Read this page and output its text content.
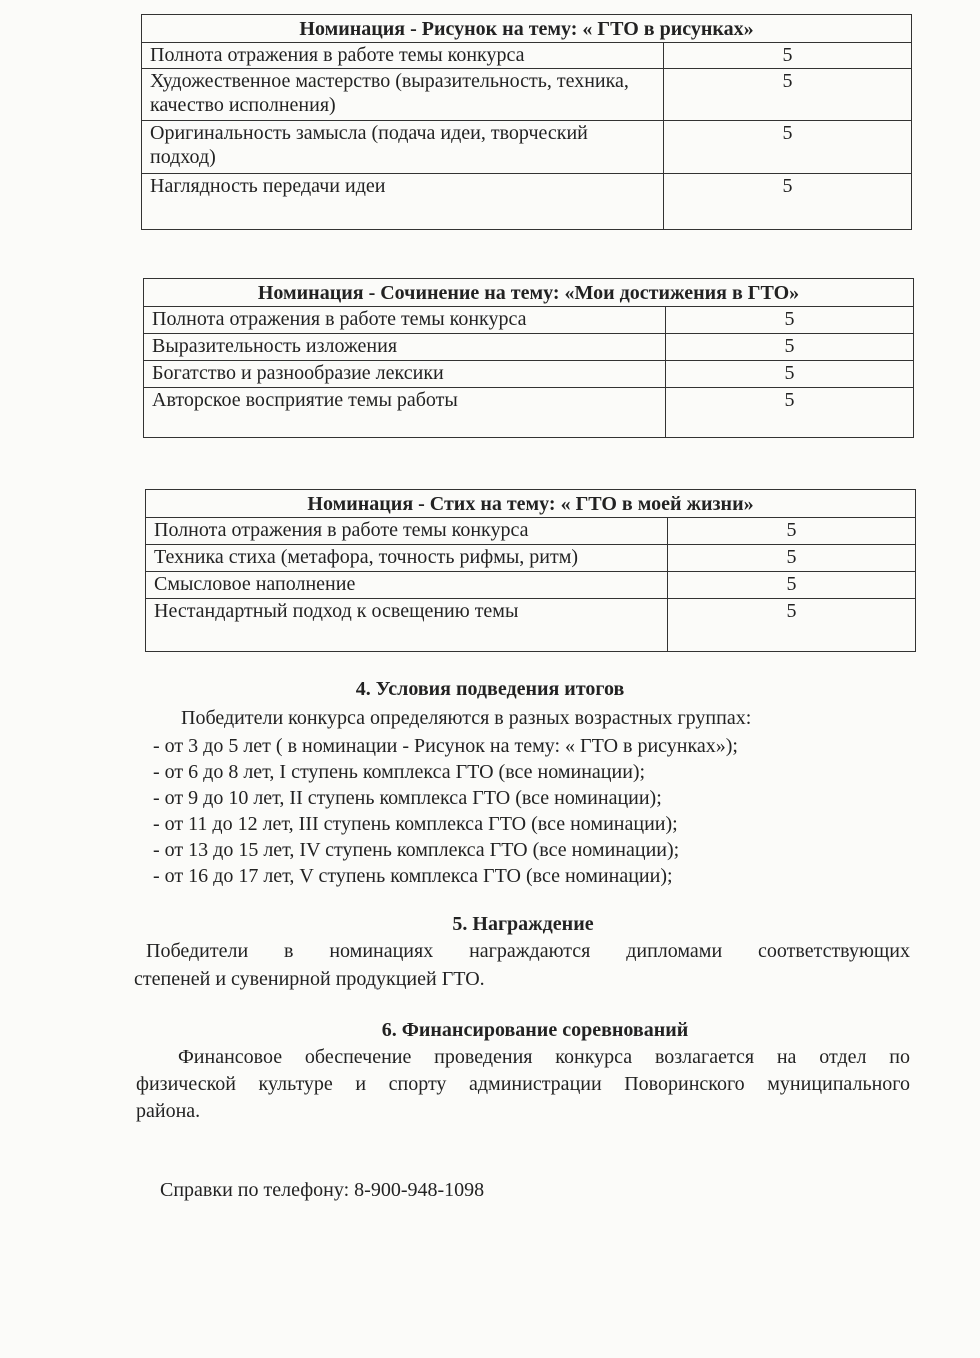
Номинация - Рисунок на тему: « ГТО в рисунках»	
Полнота отражения в работе темы конкурса	5
Художественное мастерство (выразительность, техника, качество исполнения)	5
Оригинальность замысла (подача идеи, творческий подход)	5
Наглядность передачи идеи	5
Номинация - Сочинение на тему: «Мои достижения в ГТО»	
Полнота отражения в работе темы конкурса	5
Выразительность изложения	5
Богатство и разнообразие лексики	5
Авторское восприятие темы работы	5
Номинация - Стих на тему: « ГТО в моей жизни»	
Полнота отражения в работе темы конкурса	5
Техника стиха (метафора, точность рифмы, ритм)	5
Смысловое наполнение	5
Нестандартный подход к освещению темы	5
4. Условия подведения итогов
Победители конкурса определяются в разных возрастных группах:
- от 3 до 5 лет ( в номинации - Рисунок на тему: « ГТО в рисунках»);
- от 6 до 8 лет, I ступень комплекса ГТО (все номинации);
- от 9 до 10 лет, II ступень комплекса ГТО (все номинации);
- от 11 до 12 лет, III ступень комплекса ГТО (все номинации);
- от 13 до 15 лет, IV ступень комплекса ГТО (все номинации);
- от 16 до 17 лет, V ступень комплекса ГТО (все номинации);
5. Награждение
Победители в номинациях награждаются дипломами соответствующих
степеней и сувенирной продукцией ГТО.
6. Финансирование соревнований
Финансовое обеспечение проведения конкурса возлагается на отдел по
физической культуре и спорту администрации Поворинского муниципального
района.
Справки по телефону: 8-900-948-1098
